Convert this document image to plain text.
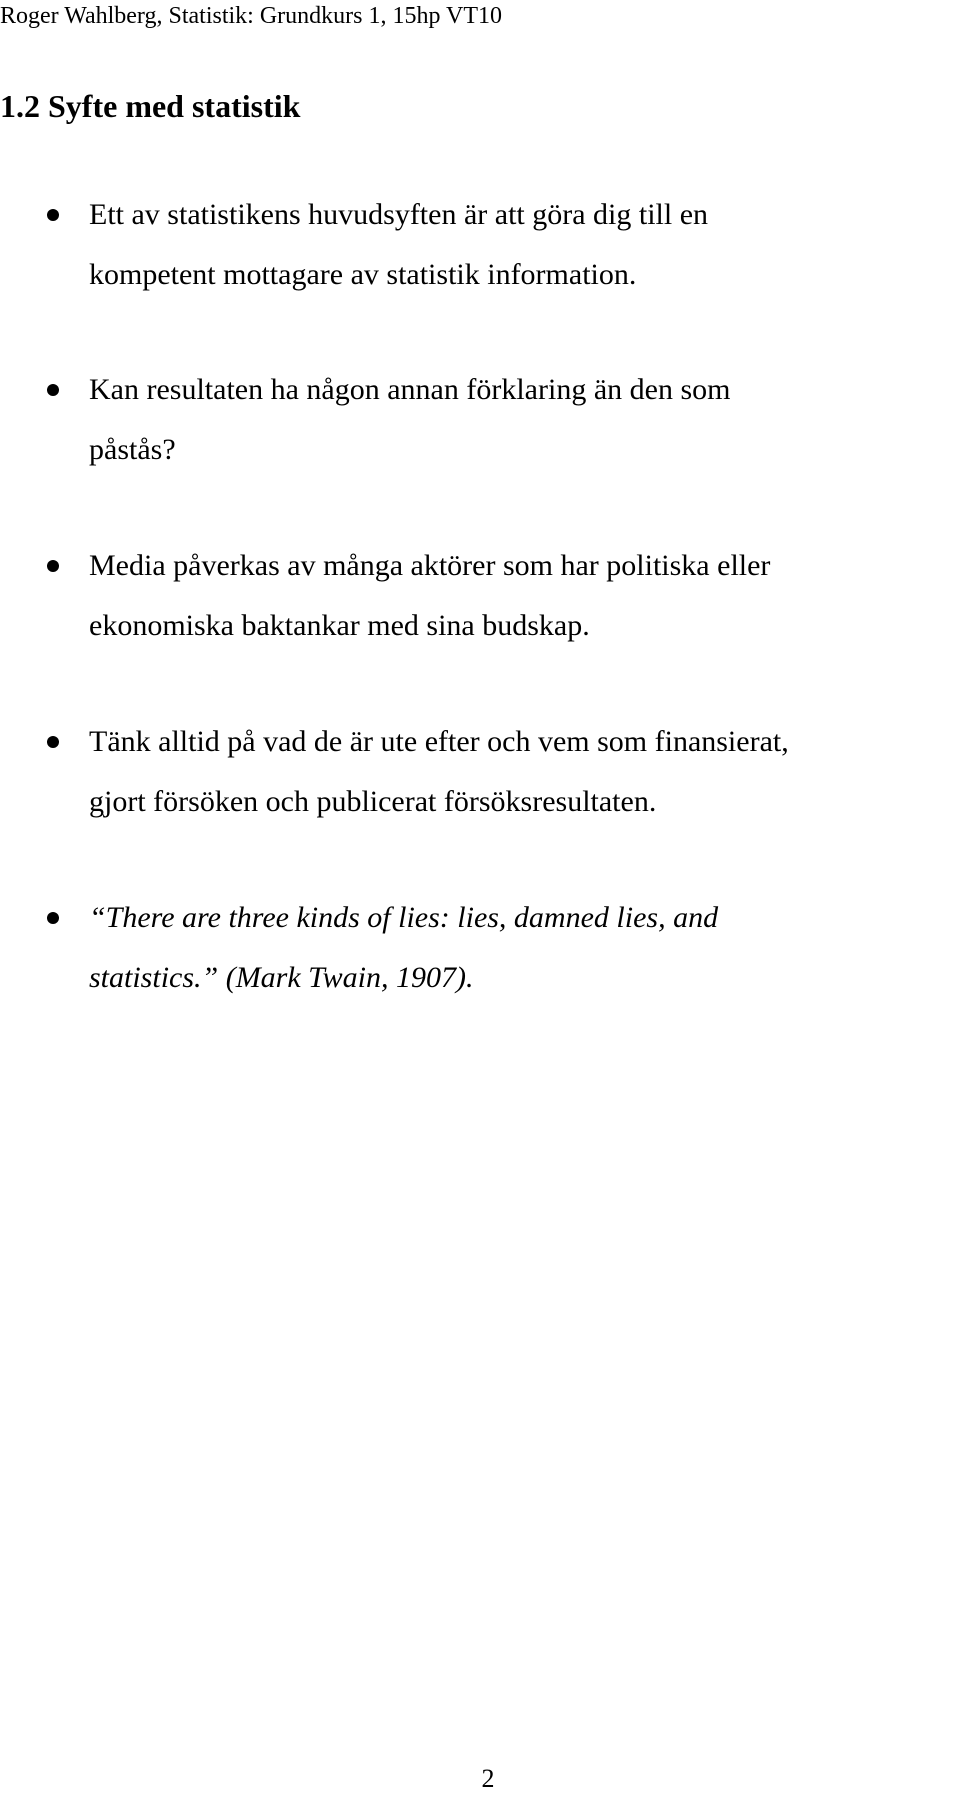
Roger Wahlberg, Statistik: Grundkurs 1, 15hp VT10
1.2 Syfte med statistik
Ett av statistikens huvudsyften är att göra dig till en
kompetent mottagare av statistik information.
Kan resultaten ha någon annan förklaring än den som
påstås?
Media påverkas av många aktörer som har politiska eller
ekonomiska baktankar med sina budskap.
Tänk alltid på vad de är ute efter och vem som finansierat,
gjort försöken och publicerat försöksresultaten.
“There are three kinds of lies: lies, damned lies, and
statistics.” (Mark Twain, 1907).
2
